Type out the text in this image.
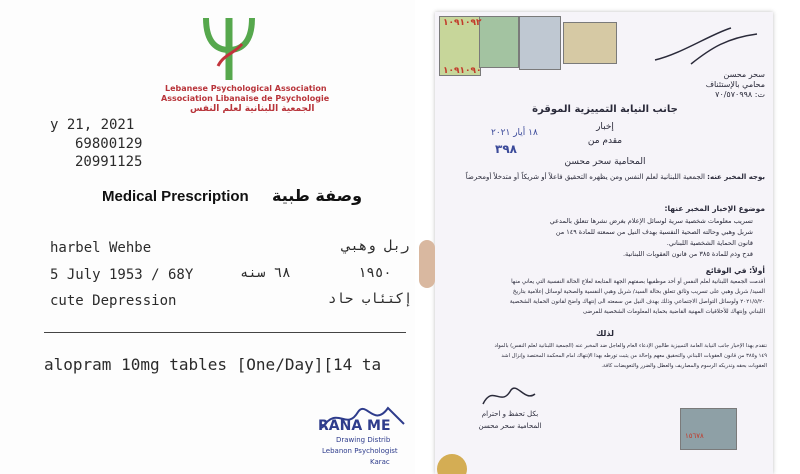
Lebanese Psychological Association
Association Libanaise de Psychologie
الجمعية اللبنانية لعلم النفس
y 21, 2021
69800129
20991125
Medical Prescription وصفة طبية
harbel Wehbe	ربل وهبي
5 July 1953 / 68Y	٦٨ سنه	١٩٥٠
cute Depression	إكتئاب حاد
alopram 10mg tables [One/Day][14 ta
RANA ME
Drawing Distrib
Lebanon Psychologist
Karac
١٠٩١٠٩٢
١٠٩١٠٩٠	سحر محسن
محامي بالإستئناف
ت: ٧٠/٥٧٠٩٩٨
جانب النيابة التمييزية الموقرة
إخبار
١٨ أيار ٢٠٢١
مقدم من
٣٩٨
المحامية سحر محسن
بوجه المخبر عنه: الجمعية اللبنانية لعلم النفس ومن يظهره التحقيق فاعلاً أو شريكاً أو متدخلاً أومحرضاً
موضوع الإخبار المخبر عنها:
تسريب معلومات شخصية سرية لوسائل الإعلام بغرض نشرها تتعلق بالمدعي
شربل وهبي وحالته الصحية النفسية بهدف النيل من سمعته للمادة ١٤٩ من
قانون الحماية الشخصية اللبناني.
قدح وذم للمادة ٣٨٥ من قانون العقوبات اللبنانية.
أولاً: في الوقائع
أقدمت الجمعية اللبنانية لعلم النفس أو أحد موظفيها بصفتهم الجهة المتابعة لعلاج الحالة النفسية التي يعاني منها
السيد/ شربل وهبي على تسريب وثائق تتعلق بحالة السيد/ شربل وهبي النفسية والصحية لوسائل إعلامية بتاريخ
٢٠٢١/٥/٢٠ ولوسائل التواصل الاجتماعي وذلك بهدف النيل من سمعته الى إنتهاك واضح لقانون الحماية الشخصية
اللبناني وإنتهاك للأخلاقيات المهنية القاضية بحماية المعلومات الشخصية للمرضى
لذلك
نتقدم بهذا الإخبار جانب النيابة العامة التمييزية طالبين الإدعاء العام والعاجل ضد المخبر عنه (الجمعية اللبنانية لعلم النفس) بالمواد
١٤٩ و٣٨٥ من قانون العقوبات اللبناني والتحقيق معهم وإحالة من يثبت تورطه بهذا الإنتهاك امام المحكمة المختصة وإنزال اشد
العقوبات بحقه وتدريكه الرسوم والمصاريف والعطل والضرر والتعويضات كافة.
بكل تحفظ و احترام
المحامية سحر محسن
١٥٦٧٨
